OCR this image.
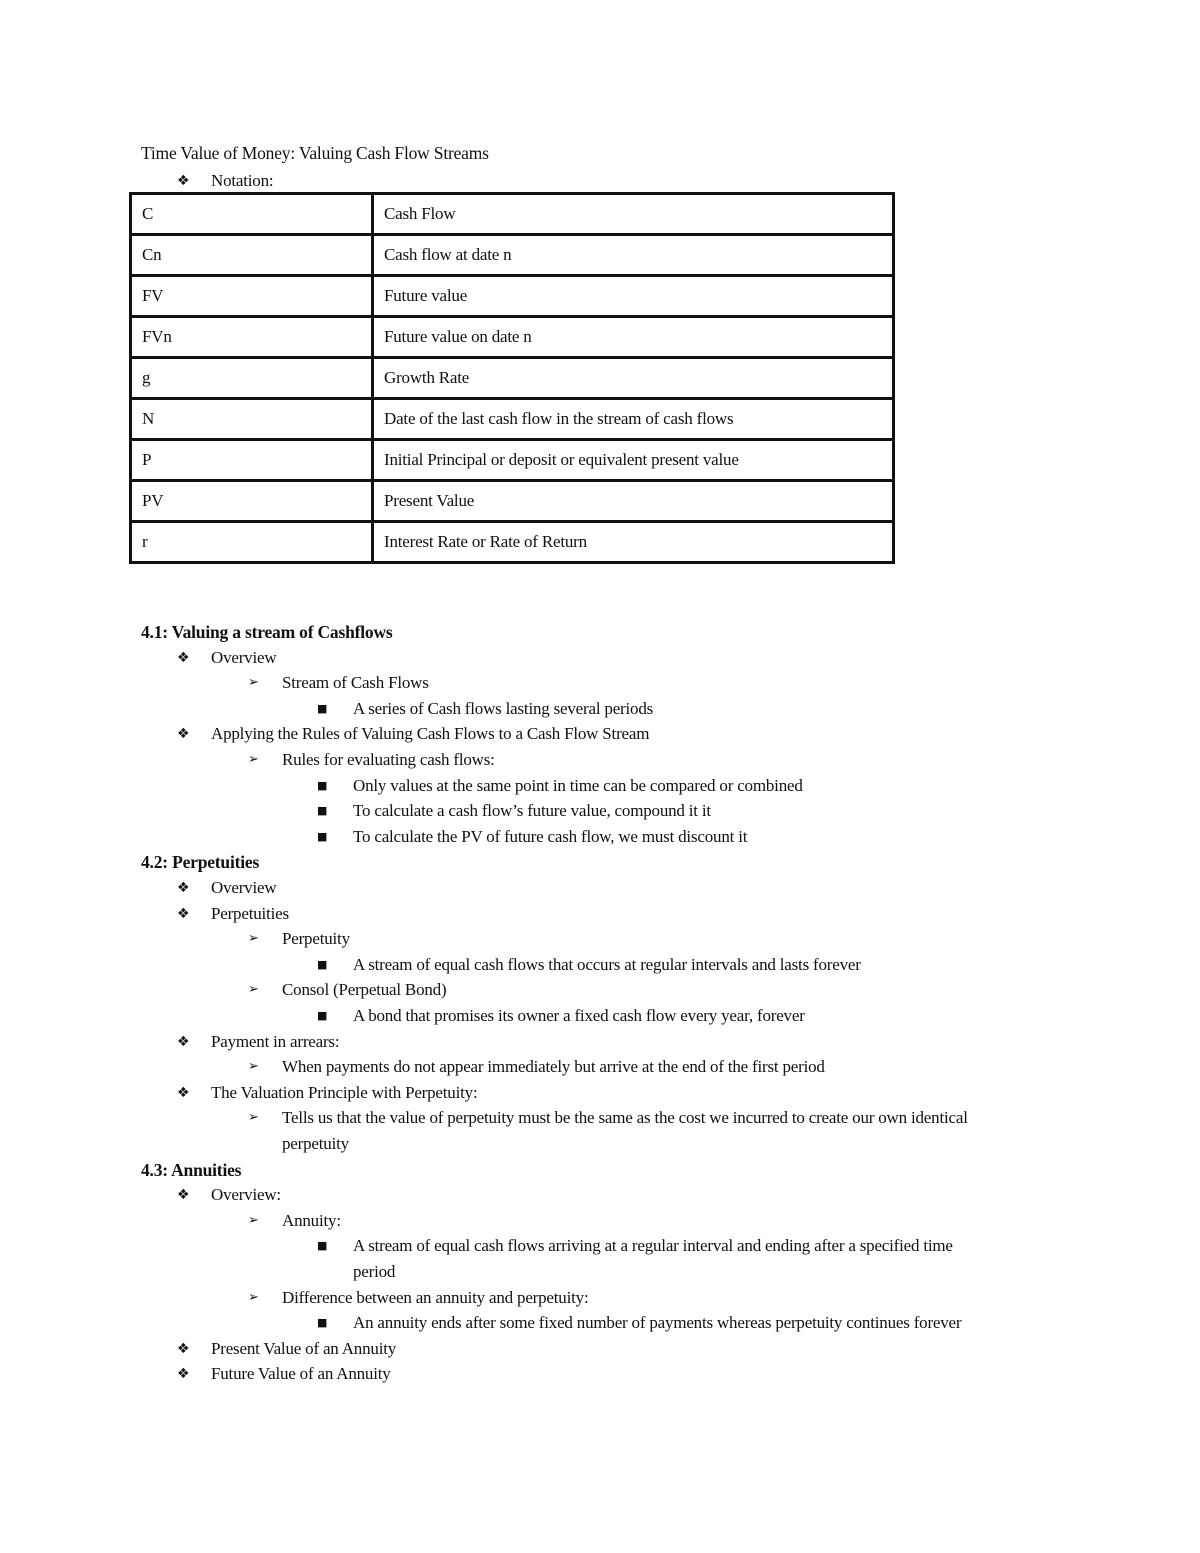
Time Value of Money: Valuing Cash Flow Streams
❖ Notation:
C	Cash Flow
Cn	Cash flow at date n
FV	Future value
FVn	Future value on date n
g	Growth Rate
N	Date of the last cash flow in the stream of cash flows
P	Initial Principal or deposit or equivalent present value
PV	Present Value
r	Interest Rate or Rate of Return
4.1: Valuing a stream of Cashflows
❖ Overview
➢ Stream of Cash Flows
■ A series of Cash flows lasting several periods
❖ Applying the Rules of Valuing Cash Flows to a Cash Flow Stream
➢ Rules for evaluating cash flows:
■ Only values at the same point in time can be compared or combined
■ To calculate a cash flow’s future value, compound it it
■ To calculate the PV of future cash flow, we must discount it
4.2: Perpetuities
❖ Overview
❖ Perpetuities
➢ Perpetuity
■ A stream of equal cash flows that occurs at regular intervals and lasts forever
➢ Consol (Perpetual Bond)
■ A bond that promises its owner a fixed cash flow every year, forever
❖ Payment in arrears:
➢ When payments do not appear immediately but arrive at the end of the first period
❖ The Valuation Principle with Perpetuity:
➢ Tells us that the value of perpetuity must be the same as the cost we incurred to create our own identical
perpetuity
4.3: Annuities
❖ Overview:
➢ Annuity:
■ A stream of equal cash flows arriving at a regular interval and ending after a specified time
period
➢ Difference between an annuity and perpetuity:
■ An annuity ends after some fixed number of payments whereas perpetuity continues forever
❖ Present Value of an Annuity
❖ Future Value of an Annuity
